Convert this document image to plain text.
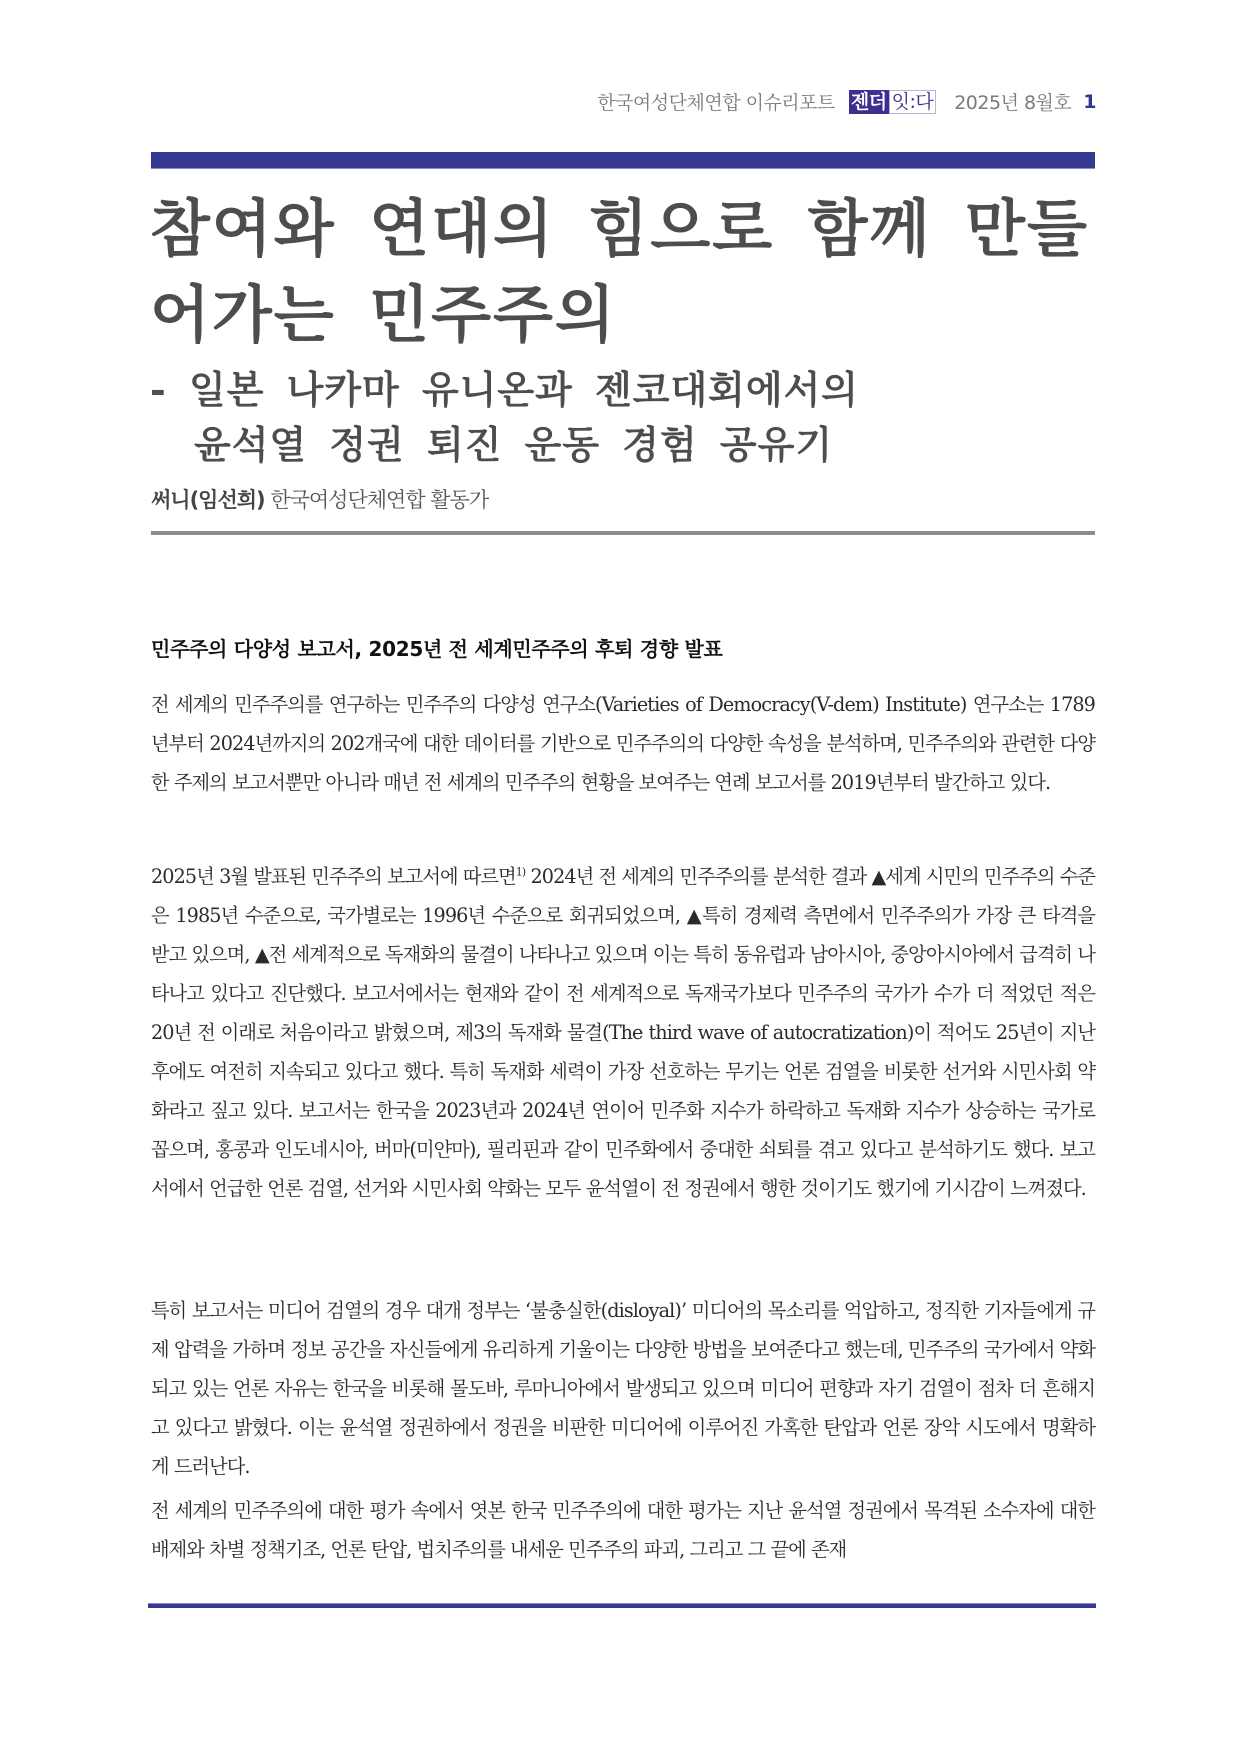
한국여성단체연합 이슈리포트 젠더 잇:다 2025년 8월호 1
참여와 연대의 힘으로 함께 만들어가는 민주주의
- 일본 나카마 유니온과 젠코대회에서의
윤석열 정권 퇴진 운동 경험 공유기
써니(임선희) 한국여성단체연합 활동가
민주주의 다양성 보고서, 2025년 전 세계민주주의 후퇴 경향 발표

전 세계의 민주주의를 연구하는 민주주의 다양성 연구소(Varieties of Democracy(V-dem) Institute) 연구소는 1789년부터 2024년까지의 202개국에 대한 데이터를 기반으로 민주주의의 다양한 속성을 분석하며, 민주주의와 관련한 다양한 주제의 보고서뿐만 아니라 매년 전 세계의 민주주의 현황을 보여주는 연례 보고서를 2019년부터 발간하고 있다.

2025년 3월 발표된 민주주의 보고서에 따르면$^{1)}$ 2024년 전 세계의 민주주의를 분석한 결과 ▲세계 시민의 민주주의 수준은 1985년 수준으로, 국가별로는 1996년 수준으로 회귀되었으며, ▲특히 경제력 측면에서 민주주의가 가장 큰 타격을 받고 있으며, ▲전 세계적으로 독재화의 물결이 나타나고 있으며 이는 특히 동유럽과 남아시아, 중앙아시아에서 급격히 나타나고 있다고 진단했다. 보고서에서는 현재와 같이 전 세계적으로 독재국가보다 민주주의 국가가 수가 더 적었던 적은 20년 전 이래로 처음이라고 밝혔으며, 제3의 독재화 물결(The third wave of autocratization)이 적어도 25년이 지난 후에도 여전히 지속되고 있다고 했다. 특히 독재화 세력이 가장 선호하는 무기는 언론 검열을 비롯한 선거와 시민사회 약화라고 짚고 있다. 보고서는 한국을 2023년과 2024년 연이어 민주화 지수가 하락하고 독재화 지수가 상승하는 국가로 꼽으며, 홍콩과 인도네시아, 버마(미얀마), 필리핀과 같이 민주화에서 중대한 쇠퇴를 겪고 있다고 분석하기도 했다. 보고서에서 언급한 언론 검열, 선거와 시민사회 약화는 모두 윤석열이 전 정권에서 행한 것이기도 했기에 기시감이 느껴졌다.

특히 보고서는 미디어 검열의 경우 대개 정부는 ‘불충실한(disloyal)’ 미디어의 목소리를 억압하고, 정직한 기자들에게 규제 압력을 가하며 정보 공간을 자신들에게 유리하게 기울이는 다양한 방법을 보여준다고 했는데, 민주주의 국가에서 약화되고 있는 언론 자유는 한국을 비롯해 몰도바, 루마니아에서 발생되고 있으며 미디어 편향과 자기 검열이 점차 더 흔해지고 있다고 밝혔다. 이는 윤석열 정권하에서 정권을 비판한 미디어에 이루어진 가혹한 탄압과 언론 장악 시도에서 명확하게 드러난다.

전 세계의 민주주의에 대한 평가 속에서 엿본 한국 민주주의에 대한 평가는 지난 윤석열 정권에서 목격된 소수자에 대한 배제와 차별 정책기조, 언론 탄압, 법치주의를 내세운 민주주의 파괴, 그리고 그 끝에 존재
